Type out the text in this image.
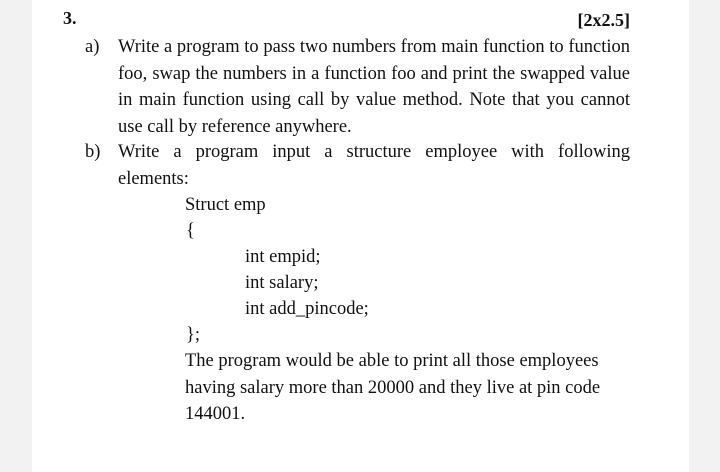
3.	[2x2.5]
a) Write a program to pass two numbers from main function to function foo, swap the numbers in a function foo and print the swapped value in main function using call by value method. Note that you cannot use call by reference anywhere.
b) Write a program input a structure employee with following elements:
Struct emp
{
int empid;
int salary;
int add_pincode;
};
The program would be able to print all those employees having salary more than 20000 and they live at pin code 144001.
